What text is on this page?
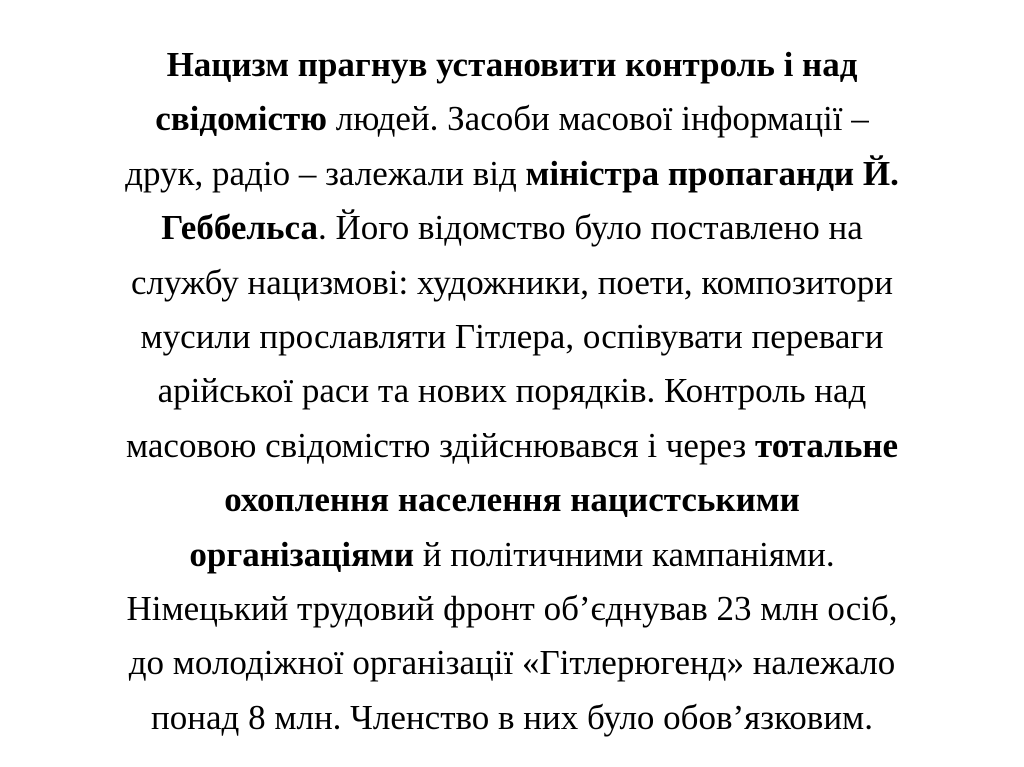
Нацизм прагнув установити контроль і над
свідомістю людей. Засоби масової інформації –
друк, радіо – залежали від міністра пропаганди Й.
Геббельса. Його відомство було поставлено на
службу нацизмові: художники, поети, композитори
мусили прославляти Гітлера, оспівувати переваги
арійської раси та нових порядків. Контроль над
масовою свідомістю здійснювався і через тотальне
охоплення населення нацистськими
організаціями й політичними кампаніями.
Німецький трудовий фронт об’єднував 23 млн осіб,
до молодіжної організації «Гітлерюгенд» належало
понад 8 млн. Членство в них було обов’язковим.
